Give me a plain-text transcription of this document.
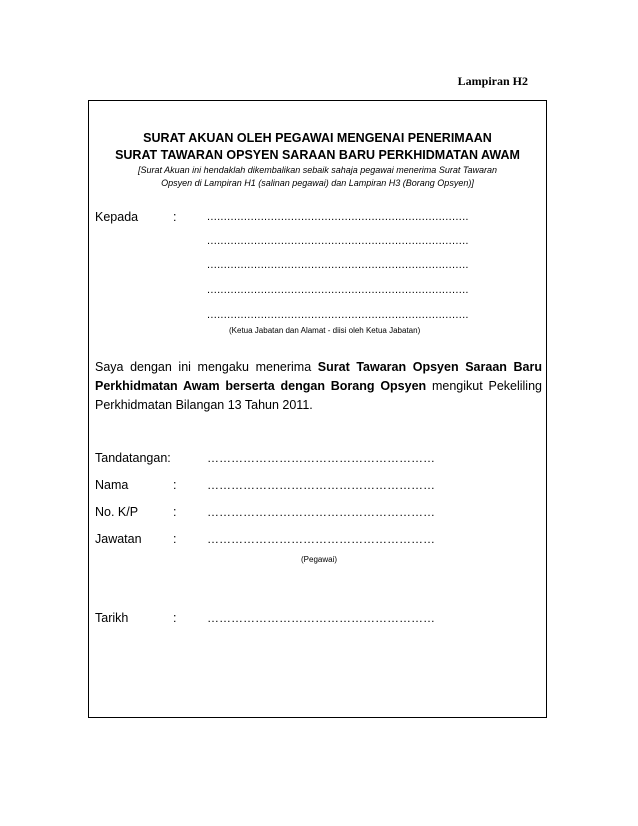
Lampiran H2
SURAT AKUAN OLEH PEGAWAI MENGENAI PENERIMAAN
SURAT TAWARAN OPSYEN SARAAN BARU PERKHIDMATAN AWAM
[Surat Akuan ini hendaklah dikembalikan sebaik sahaja pegawai menerima Surat Tawaran
Opsyen di Lampiran H1 (salinan pegawai) dan Lampiran H3 (Borang Opsyen)]
Kepada	:	..............................................................................
..............................................................................
..............................................................................
..............................................................................
..............................................................................
(Ketua Jabatan dan Alamat - diisi oleh Ketua Jabatan)
Saya dengan ini mengaku menerima Surat Tawaran Opsyen Saraan Baru Perkhidmatan Awam berserta dengan Borang Opsyen mengikut Pekeliling Perkhidmatan Bilangan 13 Tahun 2011.
Tandatangan:	…………………………………………………
Nama	:	…………………………………………………
No. K/P	:	…………………………………………………
Jawatan	:	…………………………………………………
(Pegawai)
Tarikh	:	…………………………………………………
